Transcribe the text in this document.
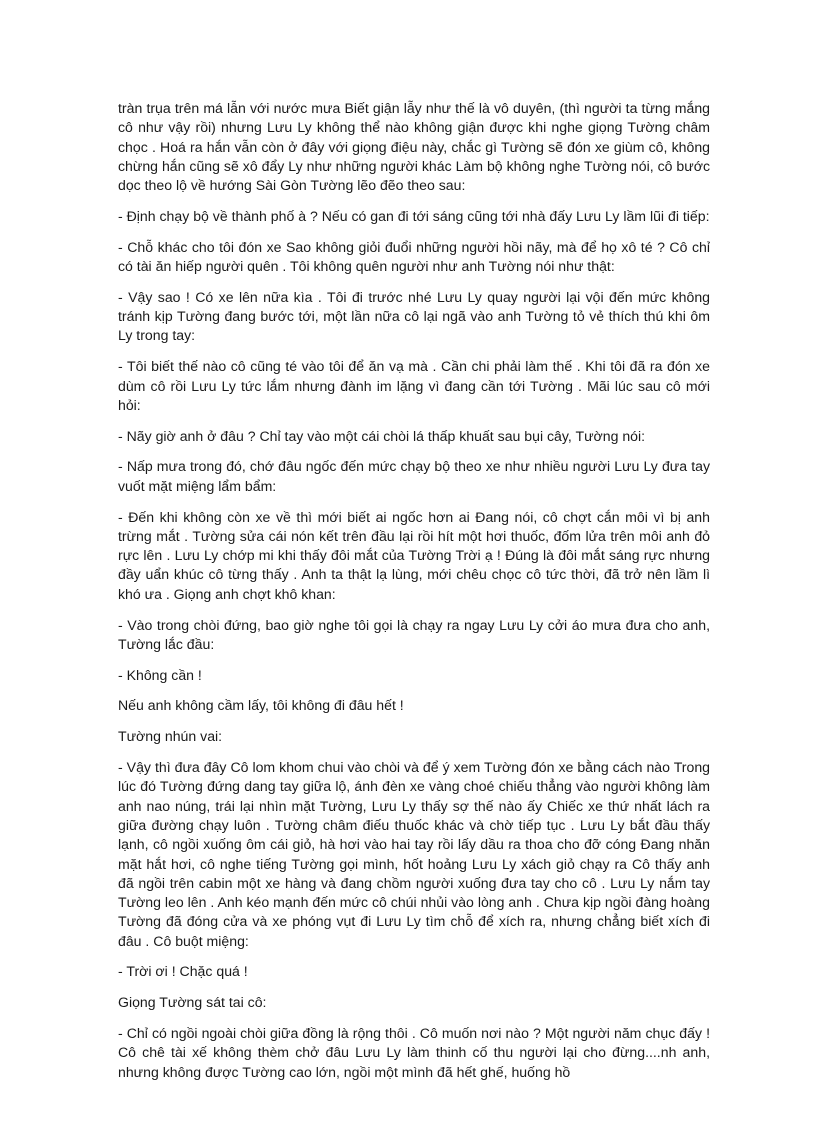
tràn trụa trên má lẫn với nước mưa Biết giận lẫy như thế là vô duyên, (thì người ta từng mắng cô như vậy rồi) nhưng Lưu Ly không thể nào không giận được khi nghe giọng Tường châm chọc . Hoá ra hắn vẫn còn ở đây với giọng điệu này, chắc gì Tường sẽ đón xe giùm cô, không chừng hắn cũng sẽ xô đẩy Ly như những người khác Làm bộ không nghe Tường nói, cô bước dọc theo lộ về hướng Sài Gòn Tường lẽo đẽo theo sau:

- Định chạy bộ về thành phố à ? Nếu có gan đi tới sáng cũng tới nhà đấy Lưu Ly lầm lũi đi tiếp:

- Chỗ khác cho tôi đón xe Sao không giỏi đuổi những người hồi nãy, mà để họ xô té ? Cô chỉ có tài ăn hiếp người quên . Tôi không quên người như anh Tường nói như thật:

- Vậy sao ! Có xe lên nữa kìa . Tôi đi trước nhé Lưu Ly quay người lại vội đến mức không tránh kịp Tường đang bước tới, một lần nữa cô lại ngã vào anh Tường tỏ vẻ thích thú khi ôm Ly trong tay:

- Tôi biết thế nào cô cũng té vào tôi để ăn vạ mà . Cần chi phải làm thế . Khi tôi đã ra đón xe dùm cô rồi Lưu Ly tức lắm nhưng đành im lặng vì đang cần tới Tường . Mãi lúc sau cô mới hỏi:

- Nãy giờ anh ở đâu ? Chỉ tay vào một cái chòi lá thấp khuất sau bụi cây, Tường nói:

- Nấp mưa trong đó, chớ đâu ngốc đến mức chạy bộ theo xe như nhiều người Lưu Ly đưa tay vuốt mặt miệng lẩm bẩm:

- Đến khi không còn xe về thì mới biết ai ngốc hơn ai Đang nói, cô chợt cắn môi vì bị anh trừng mắt . Tường sửa cái nón kết trên đầu lại rồi hít một hơi thuốc, đốm lửa trên môi anh đỏ rực lên . Lưu Ly chớp mi khi thấy đôi mắt của Tường Trời ạ ! Đúng là đôi mắt sáng rực nhưng đầy uẩn khúc cô từng thấy . Anh ta thật lạ lùng, mới chêu chọc cô tức thời, đã trở nên lầm lì khó ưa . Giọng anh chợt khô khan:

- Vào trong chòi đứng, bao giờ nghe tôi gọi là chạy ra ngay Lưu Ly cởi áo mưa đưa cho anh, Tường lắc đầu:

- Không cần !

Nếu anh không cầm lấy, tôi không đi đâu hết !

Tường nhún vai:

- Vậy thì đưa đây Cô lom khom chui vào chòi và để ý xem Tường đón xe bằng cách nào Trong lúc đó Tường đứng dang tay giữa lộ, ánh đèn xe vàng choé chiếu thẳng vào người không làm anh nao núng, trái lại nhìn mặt Tường, Lưu Ly thấy sợ thế nào ấy Chiếc xe thứ nhất lách ra giữa đường chạy luôn . Tường châm điếu thuốc khác và chờ tiếp tục . Lưu Ly bắt đầu thấy lạnh, cô ngồi xuống ôm cái giỏ, hà hơi vào hai tay rồi lấy dầu ra thoa cho đỡ cóng Đang nhăn mặt hắt hơi, cô nghe tiếng Tường gọi mình, hốt hoảng Lưu Ly xách giỏ chạy ra Cô thấy anh đã ngồi trên cabin một xe hàng và đang chồm người xuống đưa tay cho cô . Lưu Ly nắm tay Tường leo lên . Anh kéo mạnh đến mức cô chúi nhủi vào lòng anh . Chưa kịp ngồi đàng hoàng Tường đã đóng cửa và xe phóng vụt đi Lưu Ly tìm chỗ để xích ra, nhưng chẳng biết xích đi đâu . Cô buột miệng:

- Trời ơi ! Chặc quá !

Giọng Tường sát tai cô:

- Chỉ có ngồi ngoài chòi giữa đồng là rộng thôi . Cô muốn nơi nào ? Một người năm chục đấy ! Cô chê tài xế không thèm chở đâu Lưu Ly làm thinh cố thu người lại cho đừng....nh anh, nhưng không được Tường cao lớn, ngồi một mình đã hết ghế, huống hồ
